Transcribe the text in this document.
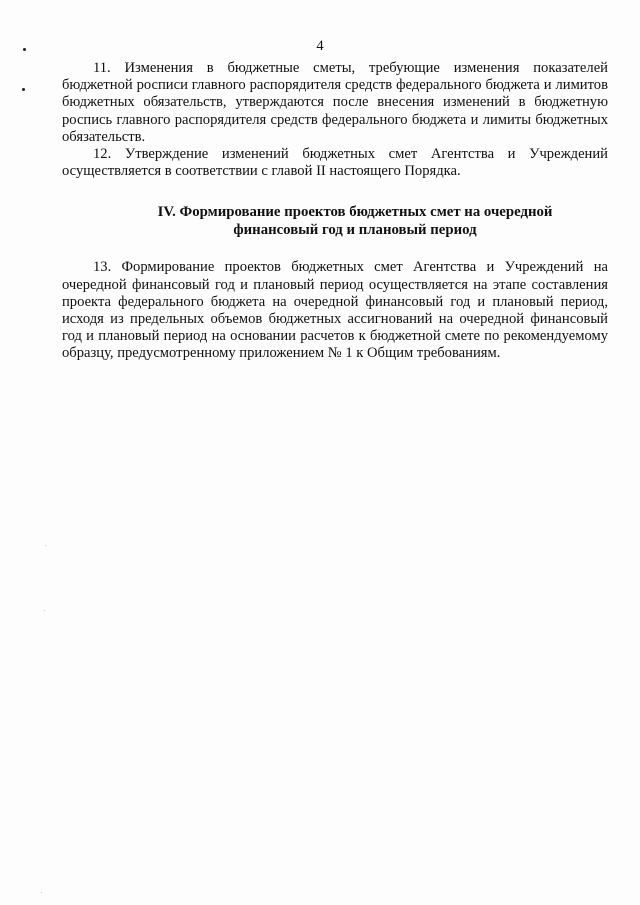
4

11. Изменения в бюджетные сметы, требующие изменения показателей бюджетной росписи главного распорядителя средств федерального бюджета и лимитов бюджетных обязательств, утверждаются после внесения изменений в бюджетную роспись главного распорядителя средств федерального бюджета и лимиты бюджетных обязательств.

12. Утверждение изменений бюджетных смет Агентства и Учреждений осуществляется в соответствии с главой II настоящего Порядка.

IV. Формирование проектов бюджетных смет на очередной
финансовый год и плановый период

13. Формирование проектов бюджетных смет Агентства и Учреждений на очередной финансовый год и плановый период осуществляется на этапе составления проекта федерального бюджета на очередной финансовый год и плановый период, исходя из предельных объемов бюджетных ассигнований на очередной финансовый год и плановый период на основании расчетов к бюджетной смете по рекомендуемому образцу, предусмотренному приложением № 1 к Общим требованиям.
